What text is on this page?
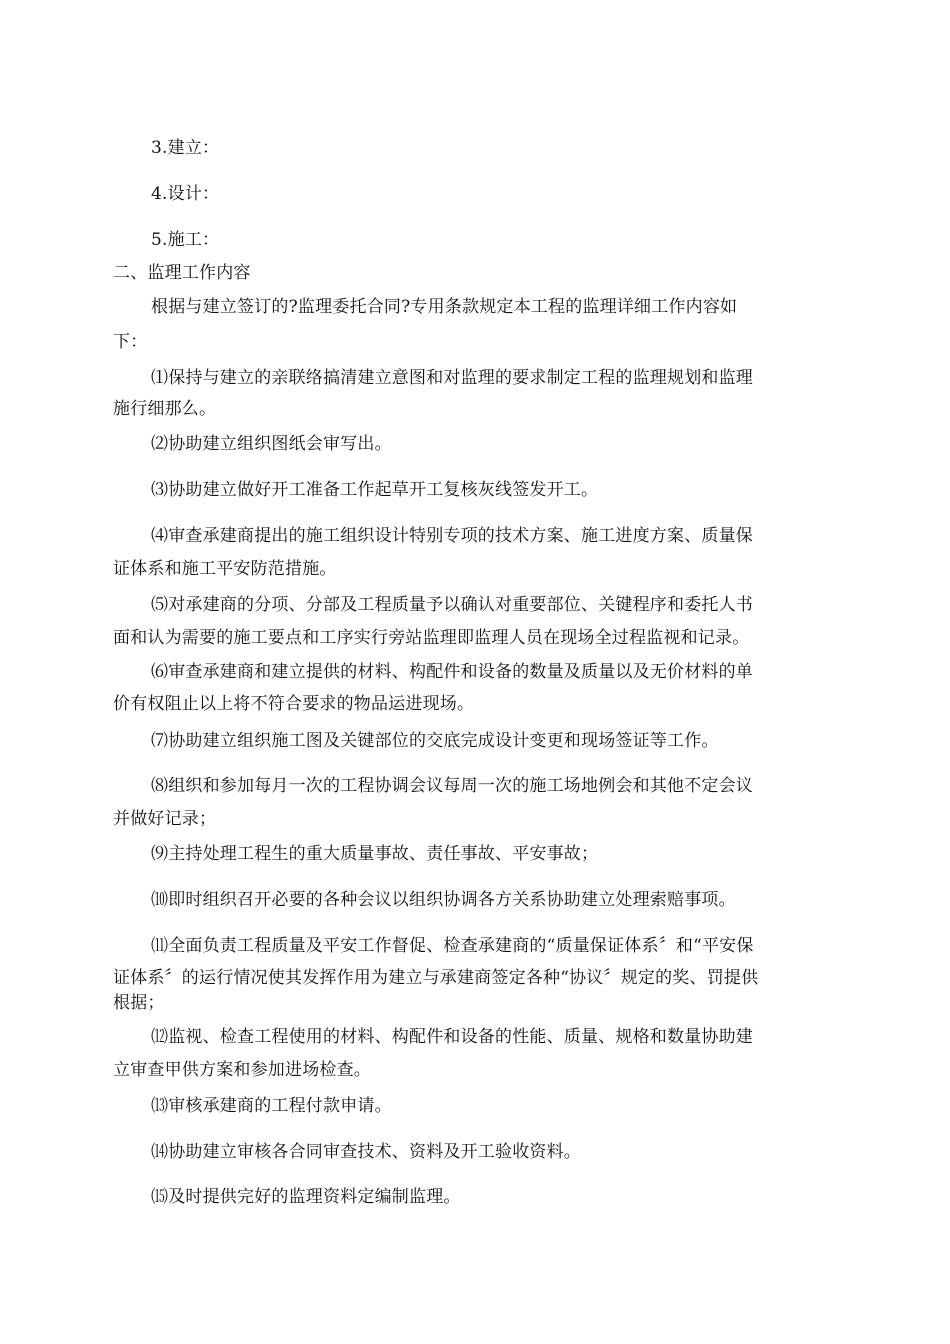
3.建立：
4.设计：
5.施工：
二、监理工作内容
根据与建立签订的?监理委托合同?专用条款规定本工程的监理详细工作内容如
下：
⑴保持与建立的亲联络搞清建立意图和对监理的要求制定工程的监理规划和监理
施行细那么。
⑵协助建立组织图纸会审写出。
⑶协助建立做好开工准备工作起草开工复核灰线签发开工。
⑷审查承建商提出的施工组织设计特别专项的技术方案、施工进度方案、质量保
证体系和施工平安防范措施。
⑸对承建商的分项、分部及工程质量予以确认对重要部位、关键程序和委托人书
面和认为需要的施工要点和工序实行旁站监理即监理人员在现场全过程监视和记录。
⑹审查承建商和建立提供的材料、构配件和设备的数量及质量以及无价材料的单
价有权阻止以上将不符合要求的物品运进现场。
⑺协助建立组织施工图及关键部位的交底完成设计变更和现场签证等工作。
⑻组织和参加每月一次的工程协调会议每周一次的施工场地例会和其他不定会议
并做好记录；
⑼主持处理工程生的重大质量事故、责任事故、平安事故；
⑽即时组织召开必要的各种会议以组织协调各方关系协助建立处理索赔事项。
⑾全面负责工程质量及平安工作督促、检查承建商的“质量保证体系〞和“平安保
证体系〞的运行情况使其发挥作用为建立与承建商签定各种“协议〞规定的奖、罚提供
根据；
⑿监视、检查工程使用的材料、构配件和设备的性能、质量、规格和数量协助建
立审查甲供方案和参加进场检查。
⒀审核承建商的工程付款申请。
⒁协助建立审核各合同审查技术、资料及开工验收资料。
⒂及时提供完好的监理资料定编制监理。
